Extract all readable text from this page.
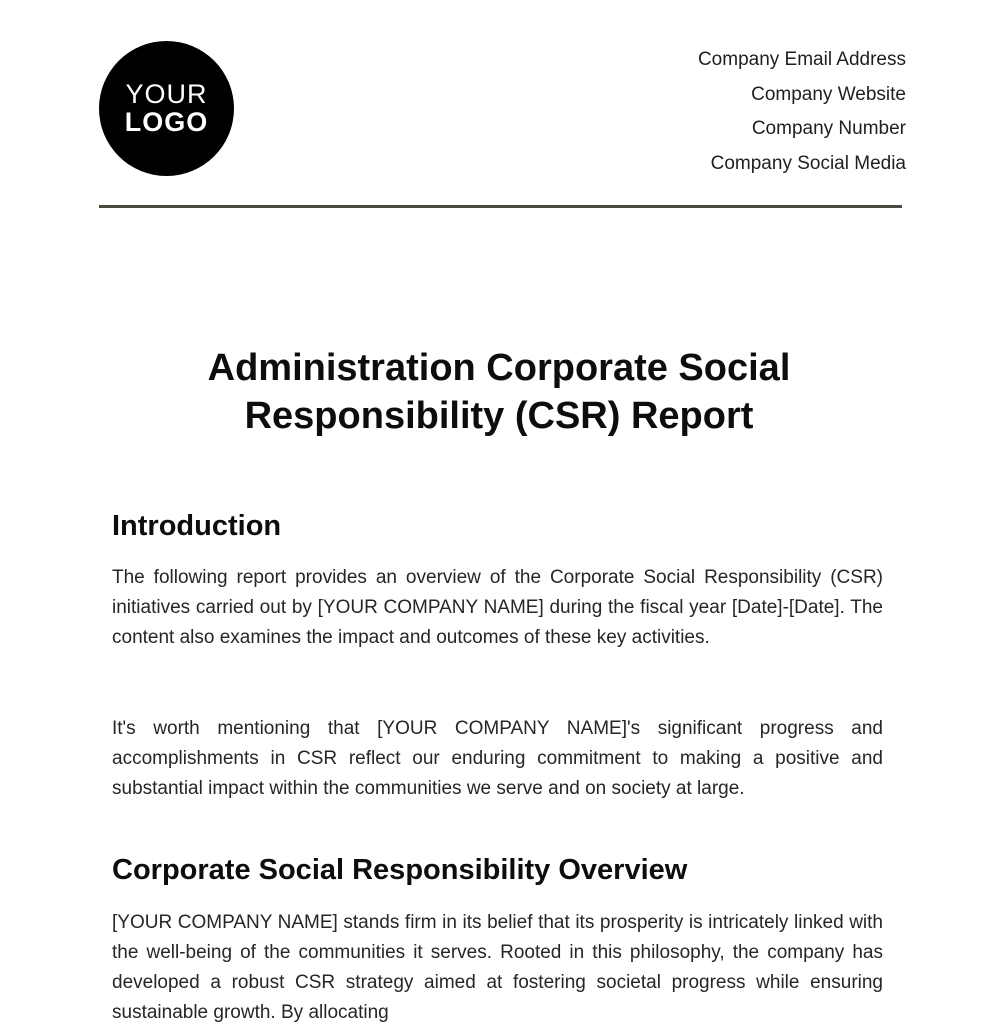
YOUR
LOGO
Company Email Address
Company Website
Company Number
Company Social Media
Administration Corporate Social Responsibility (CSR) Report
Introduction

The following report provides an overview of the Corporate Social Responsibility (CSR) initiatives carried out by [YOUR COMPANY NAME] during the fiscal year [Date]-[Date]. The content also examines the impact and outcomes of these key activities.

It's worth mentioning that [YOUR COMPANY NAME]'s significant progress and accomplishments in CSR reflect our enduring commitment to making a positive and substantial impact within the communities we serve and on society at large.

Corporate Social Responsibility Overview

[YOUR COMPANY NAME] stands firm in its belief that its prosperity is intricately linked with the well-being of the communities it serves. Rooted in this philosophy, the company has developed a robust CSR strategy aimed at fostering societal progress while ensuring sustainable growth. By allocating
